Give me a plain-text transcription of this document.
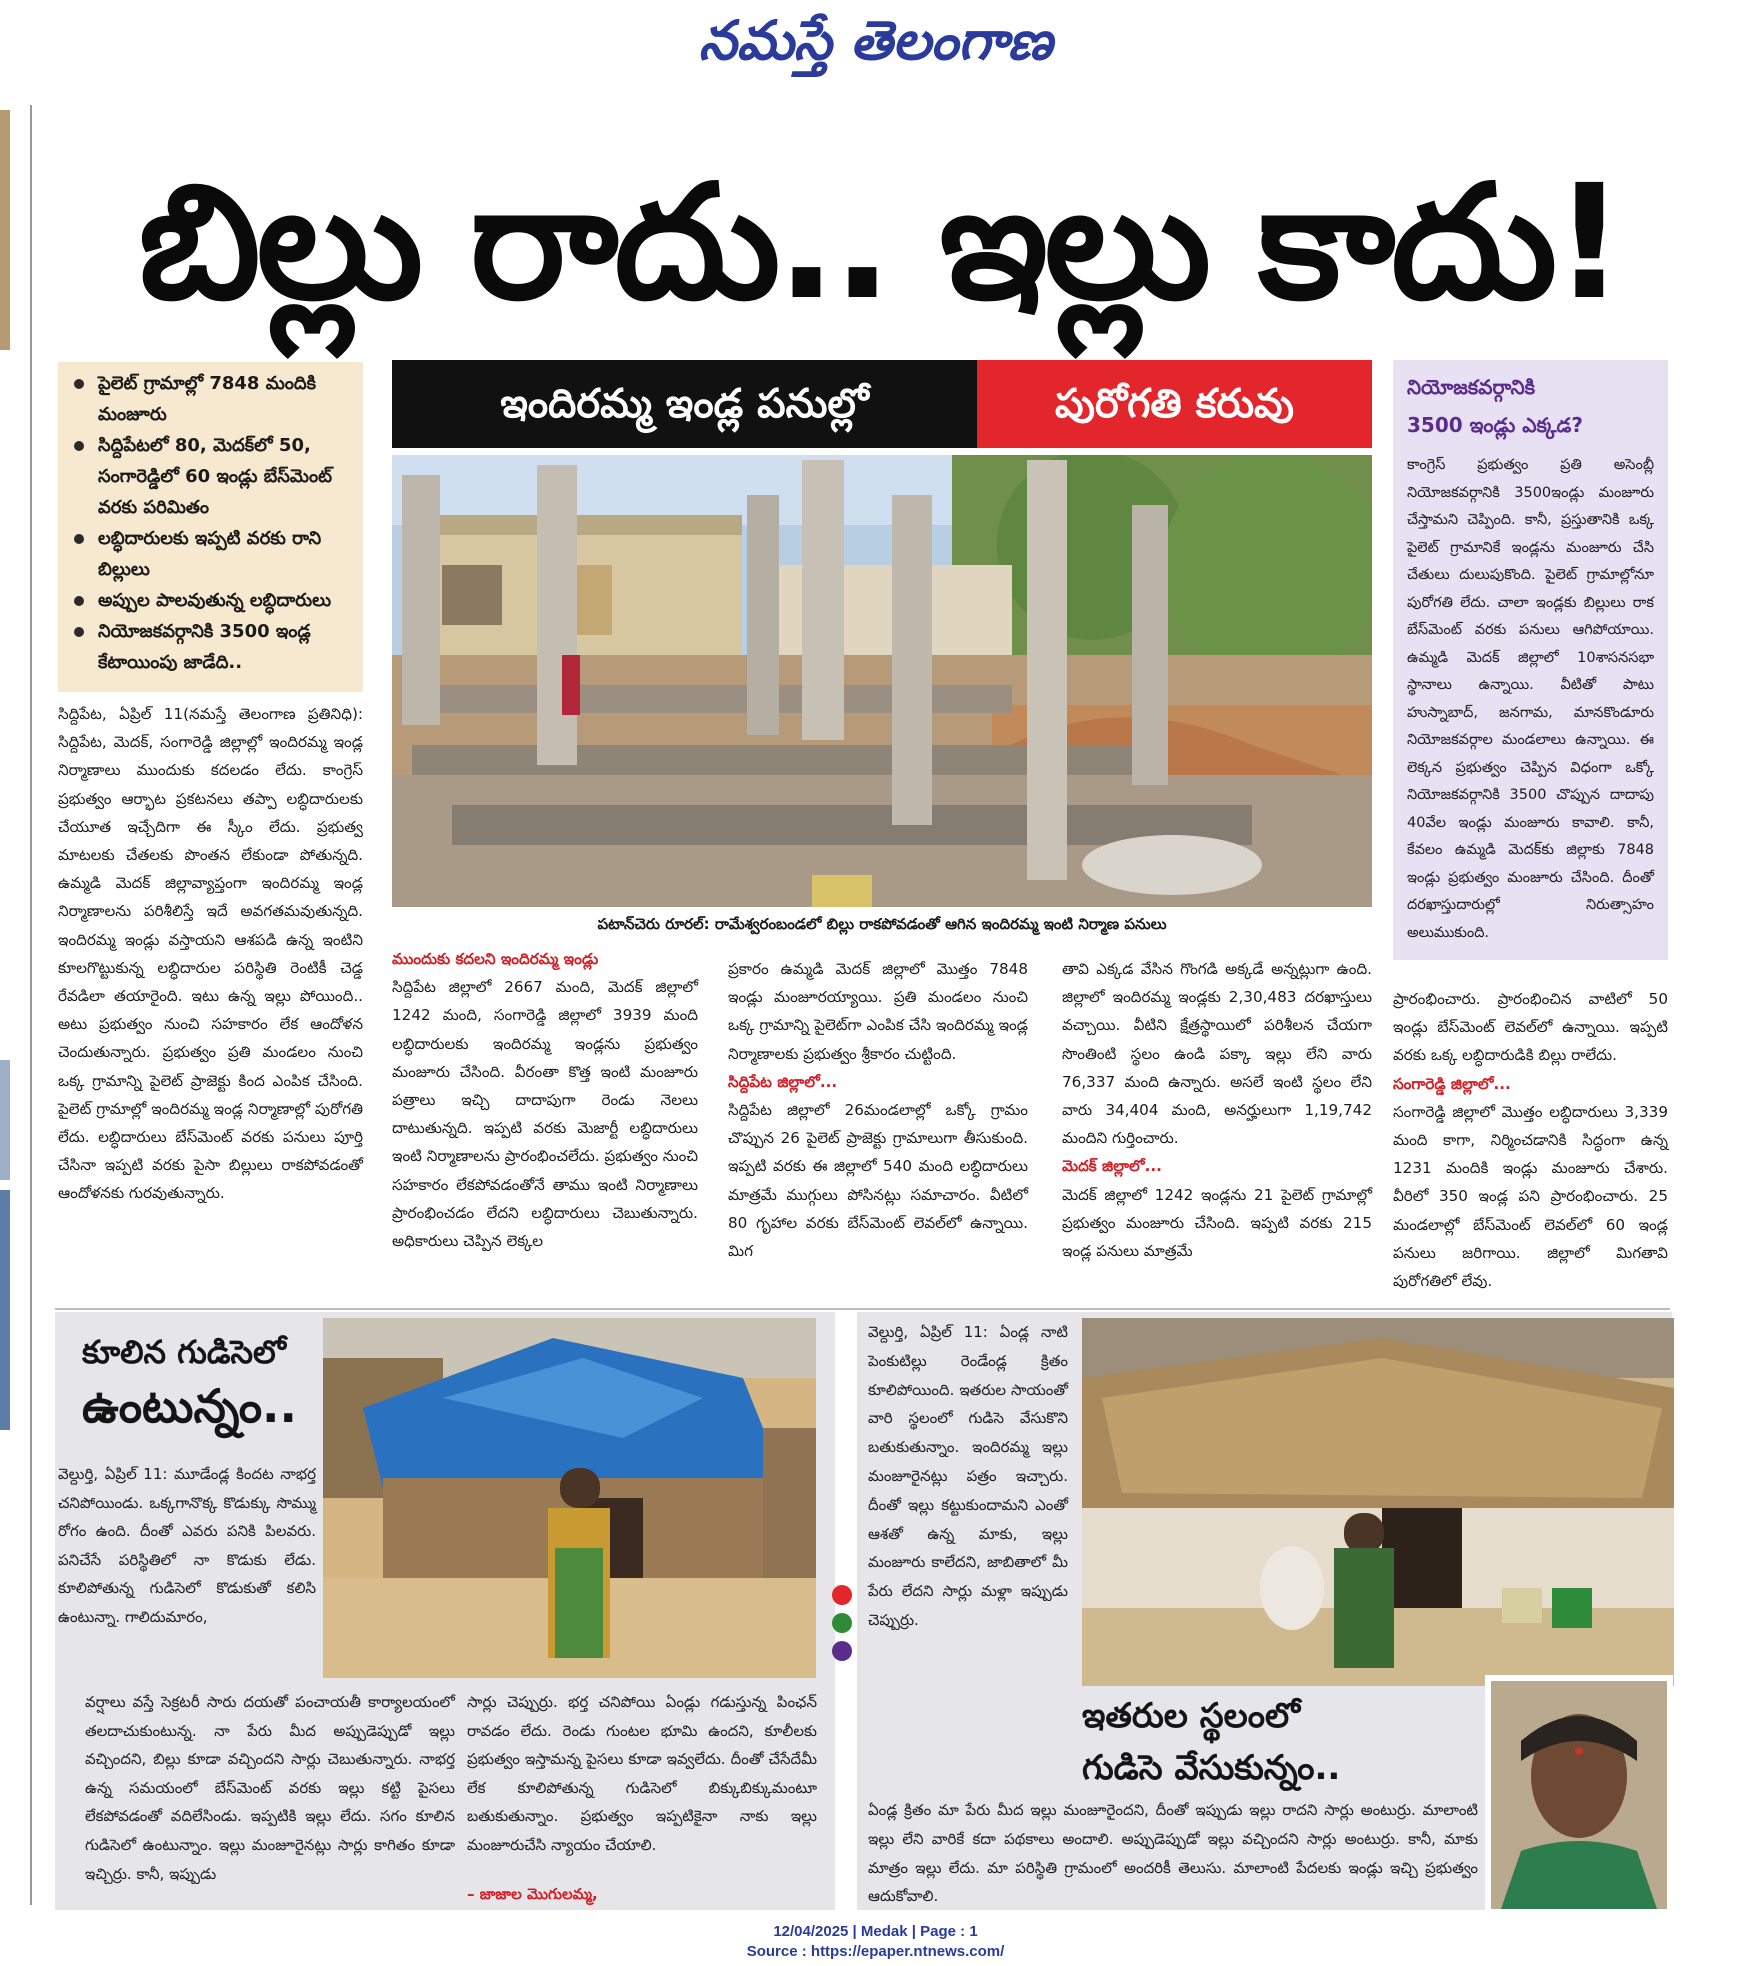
నమస్తే తెలంగాణ
బిల్లు రాదు.. ఇల్లు కాదు!
పైలెట్ గ్రామాల్లో 7848 మందికి మంజూరు
సిద్దిపేటలో 80, మెదక్‌లో 50, సంగారెడ్డిలో 60 ఇండ్లు బేస్‌మెంట్ వరకు పరిమితం
లబ్ధిదారులకు ఇప్పటి వరకు రాని బిల్లులు
అప్పుల పాలవుతున్న లబ్ధిదారులు
నియోజకవర్గానికి 3500 ఇండ్ల కేటాయింపు జాడేది..
ఇందిరమ్మ ఇండ్ల పనుల్లో	పురోగతి కరువు
పటాన్‌చెరు రూరల్: రామేశ్వరంబండలో బిల్లు రాకపోవడంతో ఆగిన ఇందిరమ్మ ఇంటి నిర్మాణ పనులు
నియోజకవర్గానికి
3500 ఇండ్లు ఎక్కడ?
కాంగ్రెస్ ప్రభుత్వం ప్రతి అసెంబ్లీ నియోజకవర్గానికి 3500ఇండ్లు మంజూరు చేస్తామని చెప్పింది. కానీ, ప్రస్తుతానికి ఒక్క పైలెట్ గ్రామానికే ఇండ్లను మంజూరు చేసి చేతులు దులుపుకొంది. పైలెట్ గ్రామాల్లోనూ పురోగతి లేదు. చాలా ఇండ్లకు బిల్లులు రాక బేస్‌మెంట్ వరకు పనులు ఆగిపోయాయి. ఉమ్మడి మెదక్ జిల్లాలో 10శాసనసభా స్థానాలు ఉన్నాయి. వీటితో పాటు హుస్నాబాద్, జనగామ, మానకొండూరు నియోజకవర్గాల మండలాలు ఉన్నాయి. ఈ లెక్కన ప్రభుత్వం చెప్పిన విధంగా ఒక్కో నియోజకవర్గానికి 3500 చొప్పున దాదాపు 40వేల ఇండ్లు మంజూరు కావాలి. కానీ, కేవలం ఉమ్మడి మెదక్‌కు జిల్లాకు 7848 ఇండ్లు ప్రభుత్వం మంజూరు చేసింది. దీంతో దరఖాస్తుదారుల్లో నిరుత్సాహం అలుముకుంది.
సిద్దిపేట, ఏప్రిల్ 11(నమస్తే తెలంగాణ ప్రతినిధి): సిద్దిపేట, మెదక్, సంగారెడ్డి జిల్లాల్లో ఇందిరమ్మ ఇండ్ల నిర్మాణాలు ముందుకు కదలడం లేదు. కాంగ్రెస్ ప్రభుత్వం ఆర్భాట ప్రకటనలు తప్పా లబ్ధిదారులకు చేయూత ఇచ్చేదిగా ఈ స్కీం లేదు. ప్రభుత్వ మాటలకు చేతలకు పొంతన లేకుండా పోతున్నది. ఉమ్మడి మెదక్ జిల్లావ్యాప్తంగా ఇందిరమ్మ ఇండ్ల నిర్మాణాలను పరిశీలిస్తే ఇదే అవగతమవుతున్నది. ఇందిరమ్మ ఇండ్లు వస్తాయని ఆశపడి ఉన్న ఇంటిని కూలగొట్టుకున్న లబ్ధిదారుల పరిస్థితి రెంటికీ చెడ్డ రేవడిలా తయారైంది. ఇటు ఉన్న ఇల్లు పోయింది.. అటు ప్రభుత్వం నుంచి సహకారం లేక ఆందోళన చెందుతున్నారు. ప్రభుత్వం ప్రతి మండలం నుంచి ఒక్క గ్రామాన్ని పైలెట్ ప్రాజెక్టు కింద ఎంపిక చేసింది. పైలెట్ గ్రామాల్లో ఇందిరమ్మ ఇండ్ల నిర్మాణాల్లో పురోగతి లేదు. లబ్ధిదారులు బేస్‌మెంట్ వరకు పనులు పూర్తి చేసినా ఇప్పటి వరకు పైసా బిల్లులు రాకపోవడంతో ఆందోళనకు గురవుతున్నారు.
ముందుకు కదలని ఇందిరమ్మ ఇండ్లు
సిద్దిపేట జిల్లాలో 2667 మంది, మెదక్ జిల్లాలో 1242 మంది, సంగారెడ్డి జిల్లాలో 3939 మంది లబ్ధిదారులకు ఇందిరమ్మ ఇండ్లను ప్రభుత్వం మంజూరు చేసింది. వీరంతా కొత్త ఇంటి మంజూరు పత్రాలు ఇచ్చి దాదాపుగా రెండు నెలలు దాటుతున్నది. ఇప్పటి వరకు మెజార్టీ లబ్ధిదారులు ఇంటి నిర్మాణాలను ప్రారంభించలేదు. ప్రభుత్వం నుంచి సహకారం లేకపోవడంతోనే తాము ఇంటి నిర్మాణాలు ప్రారంభించడం లేదని లబ్ధిదారులు చెబుతున్నారు. అధికారులు చెప్పిన లెక్కల
ప్రకారం ఉమ్మడి మెదక్ జిల్లాలో మొత్తం 7848 ఇండ్లు మంజూరయ్యాయి. ప్రతి మండలం నుంచి ఒక్క గ్రామాన్ని పైలెట్‌గా ఎంపిక చేసి ఇందిరమ్మ ఇండ్ల నిర్మాణాలకు ప్రభుత్వం శ్రీకారం చుట్టింది.
సిద్దిపేట జిల్లాలో...
సిద్దిపేట జిల్లాలో 26మండలాల్లో ఒక్కో గ్రామం చొప్పున 26 పైలెట్ ప్రాజెక్టు గ్రామాలుగా తీసుకుంది. ఇప్పటి వరకు ఈ జిల్లాలో 540 మంది లబ్ధిదారులు మాత్రమే ముగ్గులు పోసినట్లు సమాచారం. వీటిలో 80 గృహాల వరకు బేస్‌మెంట్ లెవల్‌లో ఉన్నాయి. మిగ
తావి ఎక్కడ వేసిన గొంగడి అక్కడే అన్నట్లుగా ఉంది. జిల్లాలో ఇందిరమ్మ ఇండ్లకు 2,30,483 దరఖాస్తులు వచ్చాయి. వీటిని క్షేత్రస్థాయిలో పరిశీలన చేయగా సొంతింటి స్థలం ఉండి పక్కా ఇల్లు లేని వారు 76,337 మంది ఉన్నారు. అసలే ఇంటి స్థలం లేని వారు 34,404 మంది, అనర్హులుగా 1,19,742 మందిని గుర్తించారు.
మెదక్ జిల్లాలో...
మెదక్ జిల్లాలో 1242 ఇండ్లను 21 పైలెట్ గ్రామాల్లో ప్రభుత్వం మంజూరు చేసింది. ఇప్పటి వరకు 215 ఇండ్ల పనులు మాత్రమే
ప్రారంభించారు. ప్రారంభించిన వాటిలో 50 ఇండ్లు బేస్‌మెంట్ లెవల్‌లో ఉన్నాయి. ఇప్పటి వరకు ఒక్క లబ్ధిదారుడికి బిల్లు రాలేదు.
సంగారెడ్డి జిల్లాలో...
సంగారెడ్డి జిల్లాలో మొత్తం లబ్ధిదారులు 3,339 మంది కాగా, నిర్మించడానికి సిద్ధంగా ఉన్న 1231 మందికి ఇండ్లు మంజూరు చేశారు. వీరిలో 350 ఇండ్ల పని ప్రారంభించారు. 25 మండలాల్లో బేస్‌మెంట్ లెవల్‌లో 60 ఇండ్ల పనులు జరిగాయి. జిల్లాలో మిగతావి పురోగతిలో లేవు.
కూలిన గుడిసెలో
ఉంటున్నం..
వెల్దుర్తి, ఏప్రిల్ 11: మూడేండ్ల కిందట నాభర్త చనిపోయిండు. ఒక్కగానొక్క కొడుక్కు సొమ్ము రోగం ఉంది. దీంతో ఎవరు పనికి పిలవరు. పనిచేసే పరిస్థితిలో నా కొడుకు లేడు. కూలిపోతున్న గుడిసెలో కొడుకుతో కలిసి ఉంటున్నా. గాలిదుమారం,
వర్షాలు వస్తే సెక్రటరీ సారు దయతో పంచాయతీ కార్యాలయంలో తలదాచుకుంటున్న. నా పేరు మీద అప్పుడెప్పుడో ఇల్లు వచ్చిందని, బిల్లు కూడా వచ్చిందని సార్లు చెబుతున్నారు. నాభర్త ఉన్న సమయంలో బేస్‌మెంట్ వరకు ఇల్లు కట్టి పైసలు లేకపోవడంతో వదిలేసిండు. ఇప్పటికి ఇల్లు లేదు. సగం కూలిన గుడిసెలో ఉంటున్నాం. ఇల్లు మంజూరైనట్లు సార్లు కాగితం కూడా ఇచ్చిర్రు. కానీ, ఇప్పుడు
సార్లు చెప్పుర్రు. భర్త చనిపోయి ఏండ్లు గడుస్తున్న పింఛన్ రావడం లేదు. రెండు గుంటల భూమి ఉందని, కూలీలకు ప్రభుత్వం ఇస్తామన్న పైసలు కూడా ఇవ్వలేదు. దీంతో చేసేదేమీ లేక కూలిపోతున్న గుడిసెలో బిక్కుబిక్కుమంటూ బతుకుతున్నాం. ప్రభుత్వం ఇప్పటికైనా నాకు ఇల్లు మంజూరుచేసి న్యాయం చేయాలి.
– జాజాల మొగులమ్మ,
వెల్దుర్తి, ఏప్రిల్ 11: ఏండ్ల నాటి పెంకుటిల్లు రెండేండ్ల క్రితం కూలిపోయింది. ఇతరుల సాయంతో వారి స్థలంలో గుడిసె వేసుకొని బతుకుతున్నాం. ఇందిరమ్మ ఇల్లు మంజూరైనట్లు పత్రం ఇచ్చారు. దీంతో ఇల్లు కట్టుకుందామని ఎంతో ఆశతో ఉన్న మాకు, ఇల్లు మంజూరు కాలేదని, జాబితాలో మీ పేరు లేదని సార్లు మళ్లా ఇప్పుడు చెప్పుర్రు.
ఇతరుల స్థలంలో
గుడిసె వేసుకున్నం..
ఏండ్ల క్రితం మా పేరు మీద ఇల్లు మంజూరైందని, దీంతో ఇప్పుడు ఇల్లు రాదని సార్లు అంటుర్రు. మాలాంటి ఇల్లు లేని వారికే కదా పథకాలు అందాలి. అప్పుడెప్పుడో ఇల్లు వచ్చిందని సార్లు అంటుర్రు. కానీ, మాకు మాత్రం ఇల్లు లేదు. మా పరిస్థితి గ్రామంలో అందరికీ తెలుసు. మాలాంటి పేదలకు ఇండ్లు ఇచ్చి ప్రభుత్వం ఆదుకోవాలి.
12/04/2025 | Medak | Page : 1
Source : https://epaper.ntnews.com/
